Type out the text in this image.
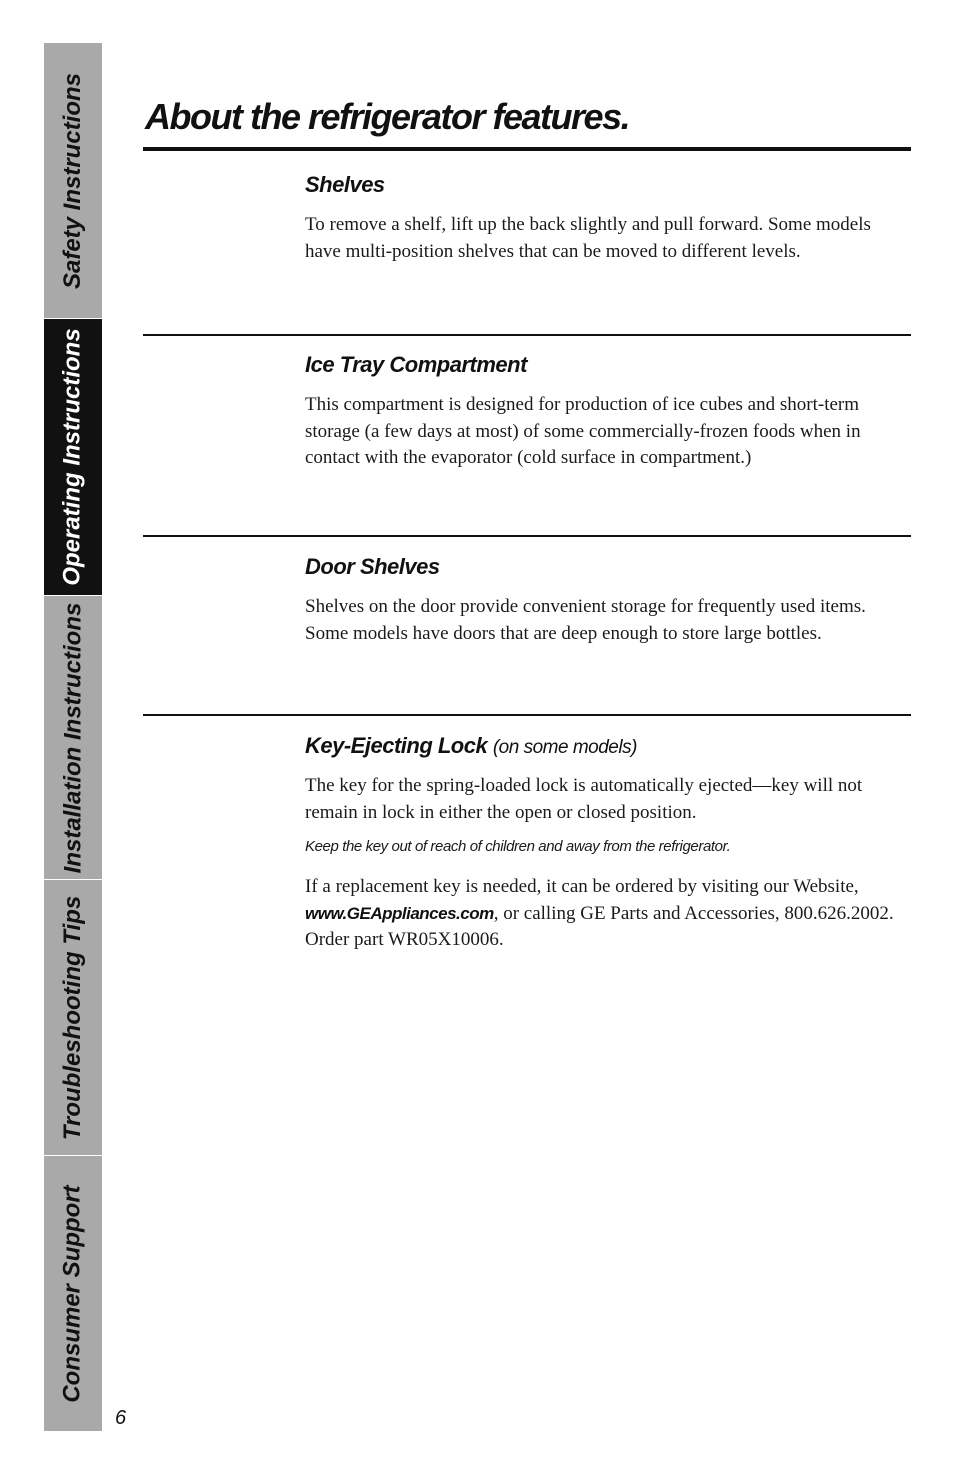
Safety Instructions
Operating Instructions
Installation Instructions
Troubleshooting Tips
Consumer Support
About the refrigerator features.
Shelves

To remove a shelf, lift up the back slightly and pull forward. Some models have multi-position shelves that can be moved to different levels.

Ice Tray Compartment

This compartment is designed for production of ice cubes and short-term storage (a few days at most) of some commercially-frozen foods when in contact with the evaporator (cold surface in compartment.)

Door Shelves

Shelves on the door provide convenient storage for frequently used items. Some models have doors that are deep enough to store large bottles.

Key-Ejecting Lock (on some models)

The key for the spring-loaded lock is automatically ejected—key will not remain in lock in either the open or closed position.

Keep the key out of reach of children and away from the refrigerator.

If a replacement key is needed, it can be ordered by visiting our Website, www.GEAppliances.com, or calling GE Parts and Accessories, 800.626.2002. Order part WR05X10006.

6
